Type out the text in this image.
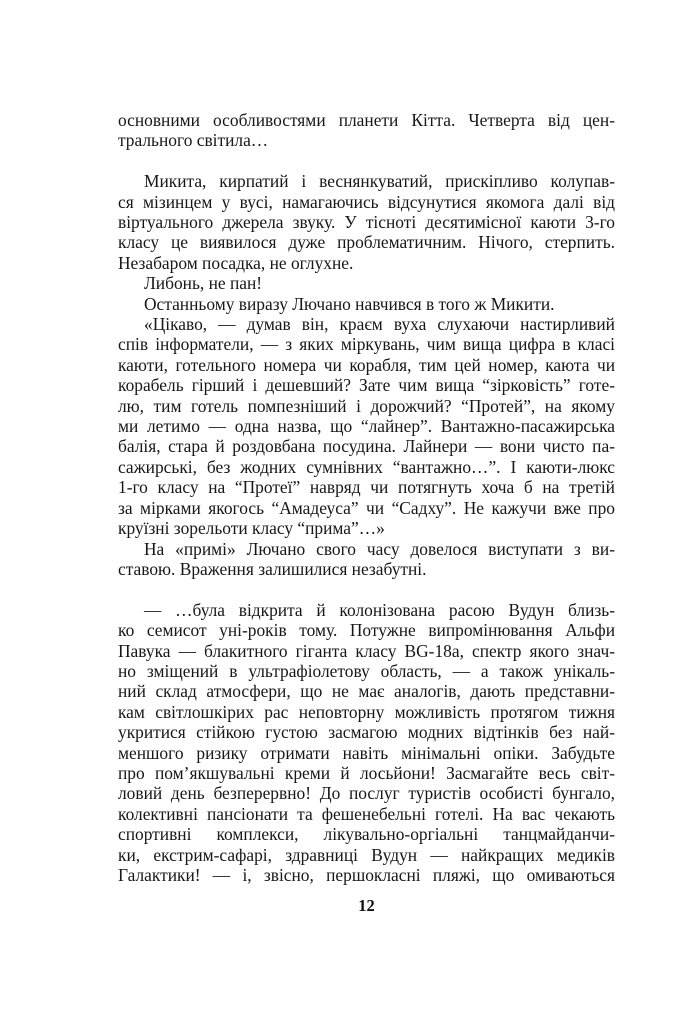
основними особливостями планети Кітта. Четверта від цен-
трального світила…
Микита, кирпатий і веснянкуватий, прискіпливо колупав-
ся мізинцем у вусі, намагаючись відсунутися якомога далі від
віртуального джерела звуку. У тісноті десятимісної каюти 3-го
класу це виявилося дуже проблематичним. Нічого, стерпить.
Незабаром посадка, не оглухне.
Либонь, не пан!
Останньому виразу Лючано навчився в того ж Микити.
«Цікаво, — думав він, краєм вуха слухаючи настирливий
спів інформатели, — з яких міркувань, чим вища цифра в класі
каюти, готельного номера чи корабля, тим цей номер, каюта чи
корабель гірший і дешевший? Зате чим вища “зірковість” готе-
лю, тим готель помпезніший і дорожчий? “Протей”, на якому
ми летимо — одна назва, що “лайнер”. Вантажно-пасажирська
балія, стара й роздовбана посудина. Лайнери — вони чисто па-
сажирські, без жодних сумнівних “вантажно…”. І каюти-люкс
1-го класу на “Протеї” навряд чи потягнуть хоча б на третій
за мірками якогось “Амадеуса” чи “Садху”. Не кажучи вже про
круїзні зорельоти класу “прима”…»
На «примі» Лючано свого часу довелося виступати з ви-
ставою. Враження залишилися незабутні.
— …була відкрита й колонізована расою Вудун близь-
ко семисот уні-років тому. Потужне випромінювання Альфи
Павука — блакитного гіганта класу BG-18а, спектр якого знач-
но зміщений в ультрафіолетову область, — а також унікаль-
ний склад атмосфери, що не має аналогів, дають представни-
кам світлошкірих рас неповторну можливість протягом тижня
укритися стійкою густою засмагою модних відтінків без най-
меншого ризику отримати навіть мінімальні опіки. Забудьте
про пом’якшувальні креми й лосьйони! Засмагайте весь світ-
ловий день безперервно! До послуг туристів особисті бунгало,
колективні пансіонати та фешенебельні готелі. На вас чекають
спортивні комплекси, лікувально-оргіальні танцмайданчи-
ки, екстрим-сафарі, здравниці Вудун — найкращих медиків
Галактики! — і, звісно, першокласні пляжі, що омиваються
12
